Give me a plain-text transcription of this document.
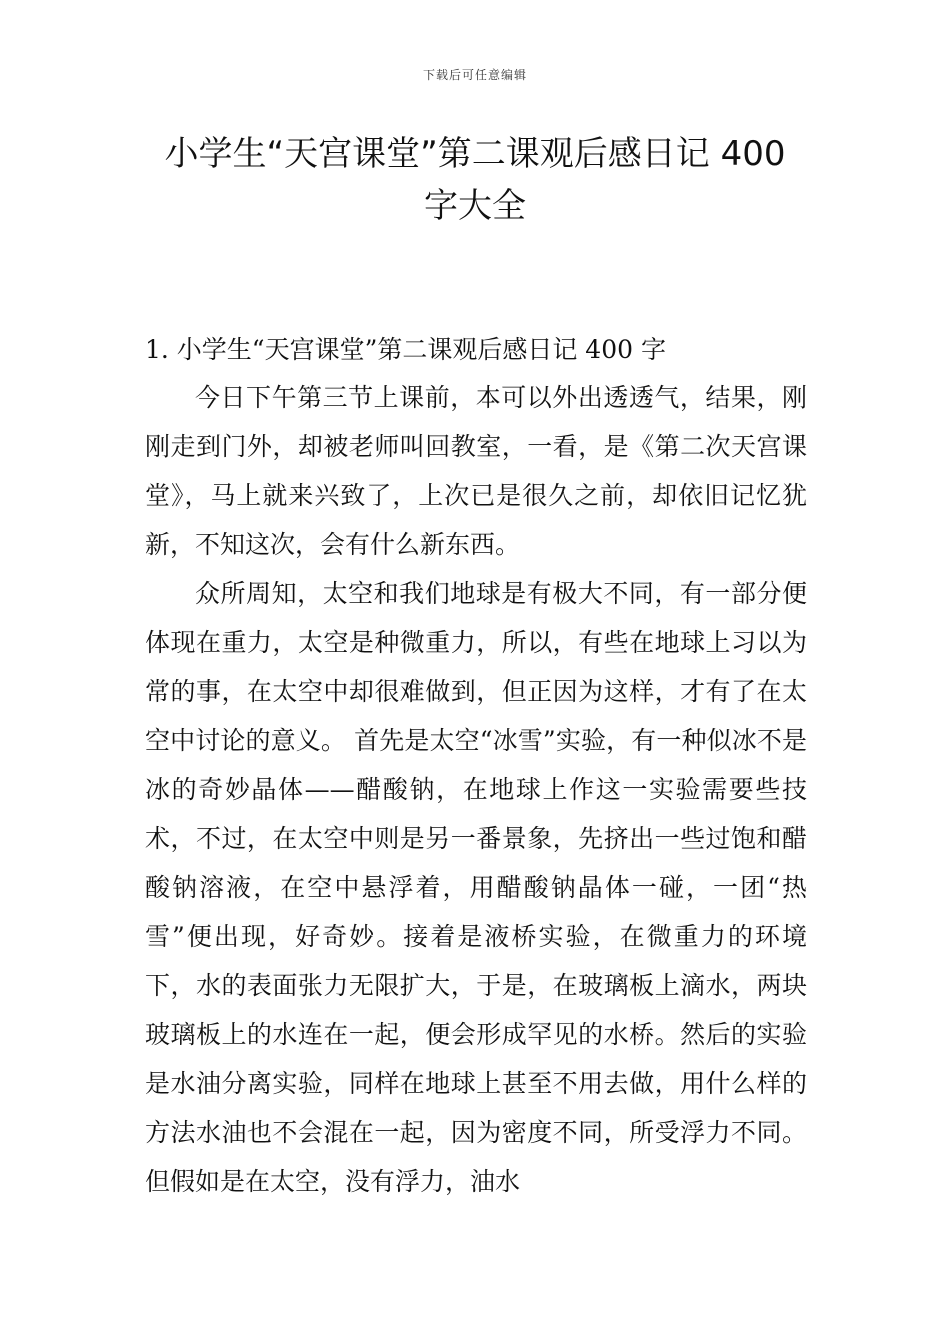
下载后可任意编辑
小学生“天宫课堂”第二课观后感日记 400
字大全
1. 小学生“天宫课堂”第二课观后感日记 400 字

今日下午第三节上课前，本可以外出透透气，结果，刚刚走到门外，却被老师叫回教室，一看，是《第二次天宫课堂》，马上就来兴致了，上次已是很久之前，却依旧记忆犹新，不知这次，会有什么新东西。

众所周知，太空和我们地球是有极大不同，有一部分便体现在重力，太空是种微重力，所以，有些在地球上习以为常的事，在太空中却很难做到，但正因为这样，才有了在太空中讨论的意义。 首先是太空“冰雪”实验，有一种似冰不是冰的奇妙晶体——醋酸钠，在地球上作这一实验需要些技术，不过，在太空中则是另一番景象，先挤出一些过饱和醋酸钠溶液，在空中悬浮着，用醋酸钠晶体一碰，一团“热雪”便出现，好奇妙。接着是液桥实验，在微重力的环境下，水的表面张力无限扩大，于是，在玻璃板上滴水，两块玻璃板上的水连在一起，便会形成罕见的水桥。然后的实验是水油分离实验，同样在地球上甚至不用去做，用什么样的方法水油也不会混在一起，因为密度不同，所受浮力不同。但假如是在太空，没有浮力，油水
